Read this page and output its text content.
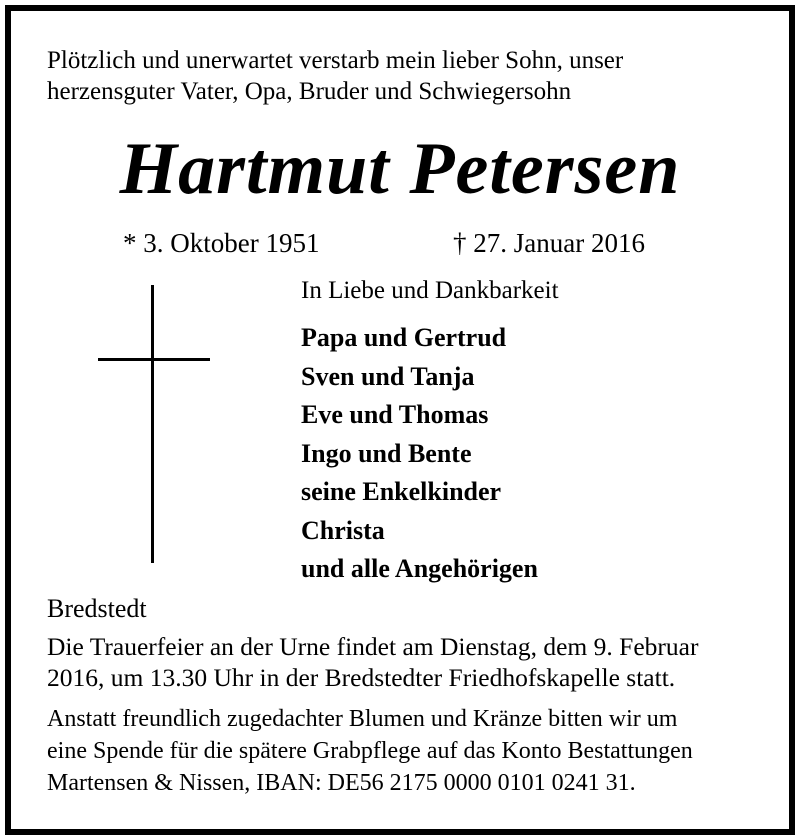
Plötzlich und unerwartet verstarb mein lieber Sohn, unser
herzensguter Vater, Opa, Bruder und Schwiegersohn
Hartmut Petersen
* 3. Oktober 1951	† 27. Januar 2016
In Liebe und Dankbarkeit
Papa und Gertrud
Sven und Tanja
Eve und Thomas
Ingo und Bente
seine Enkelkinder
Christa
und alle Angehörigen
Bredstedt
Die Trauerfeier an der Urne findet am Dienstag, dem 9. Februar
2016, um 13.30 Uhr in der Bredstedter Friedhofskapelle statt.
Anstatt freundlich zugedachter Blumen und Kränze bitten wir um
eine Spende für die spätere Grabpflege auf das Konto Bestattungen
Martensen & Nissen, IBAN: DE56 2175 0000 0101 0241 31.
